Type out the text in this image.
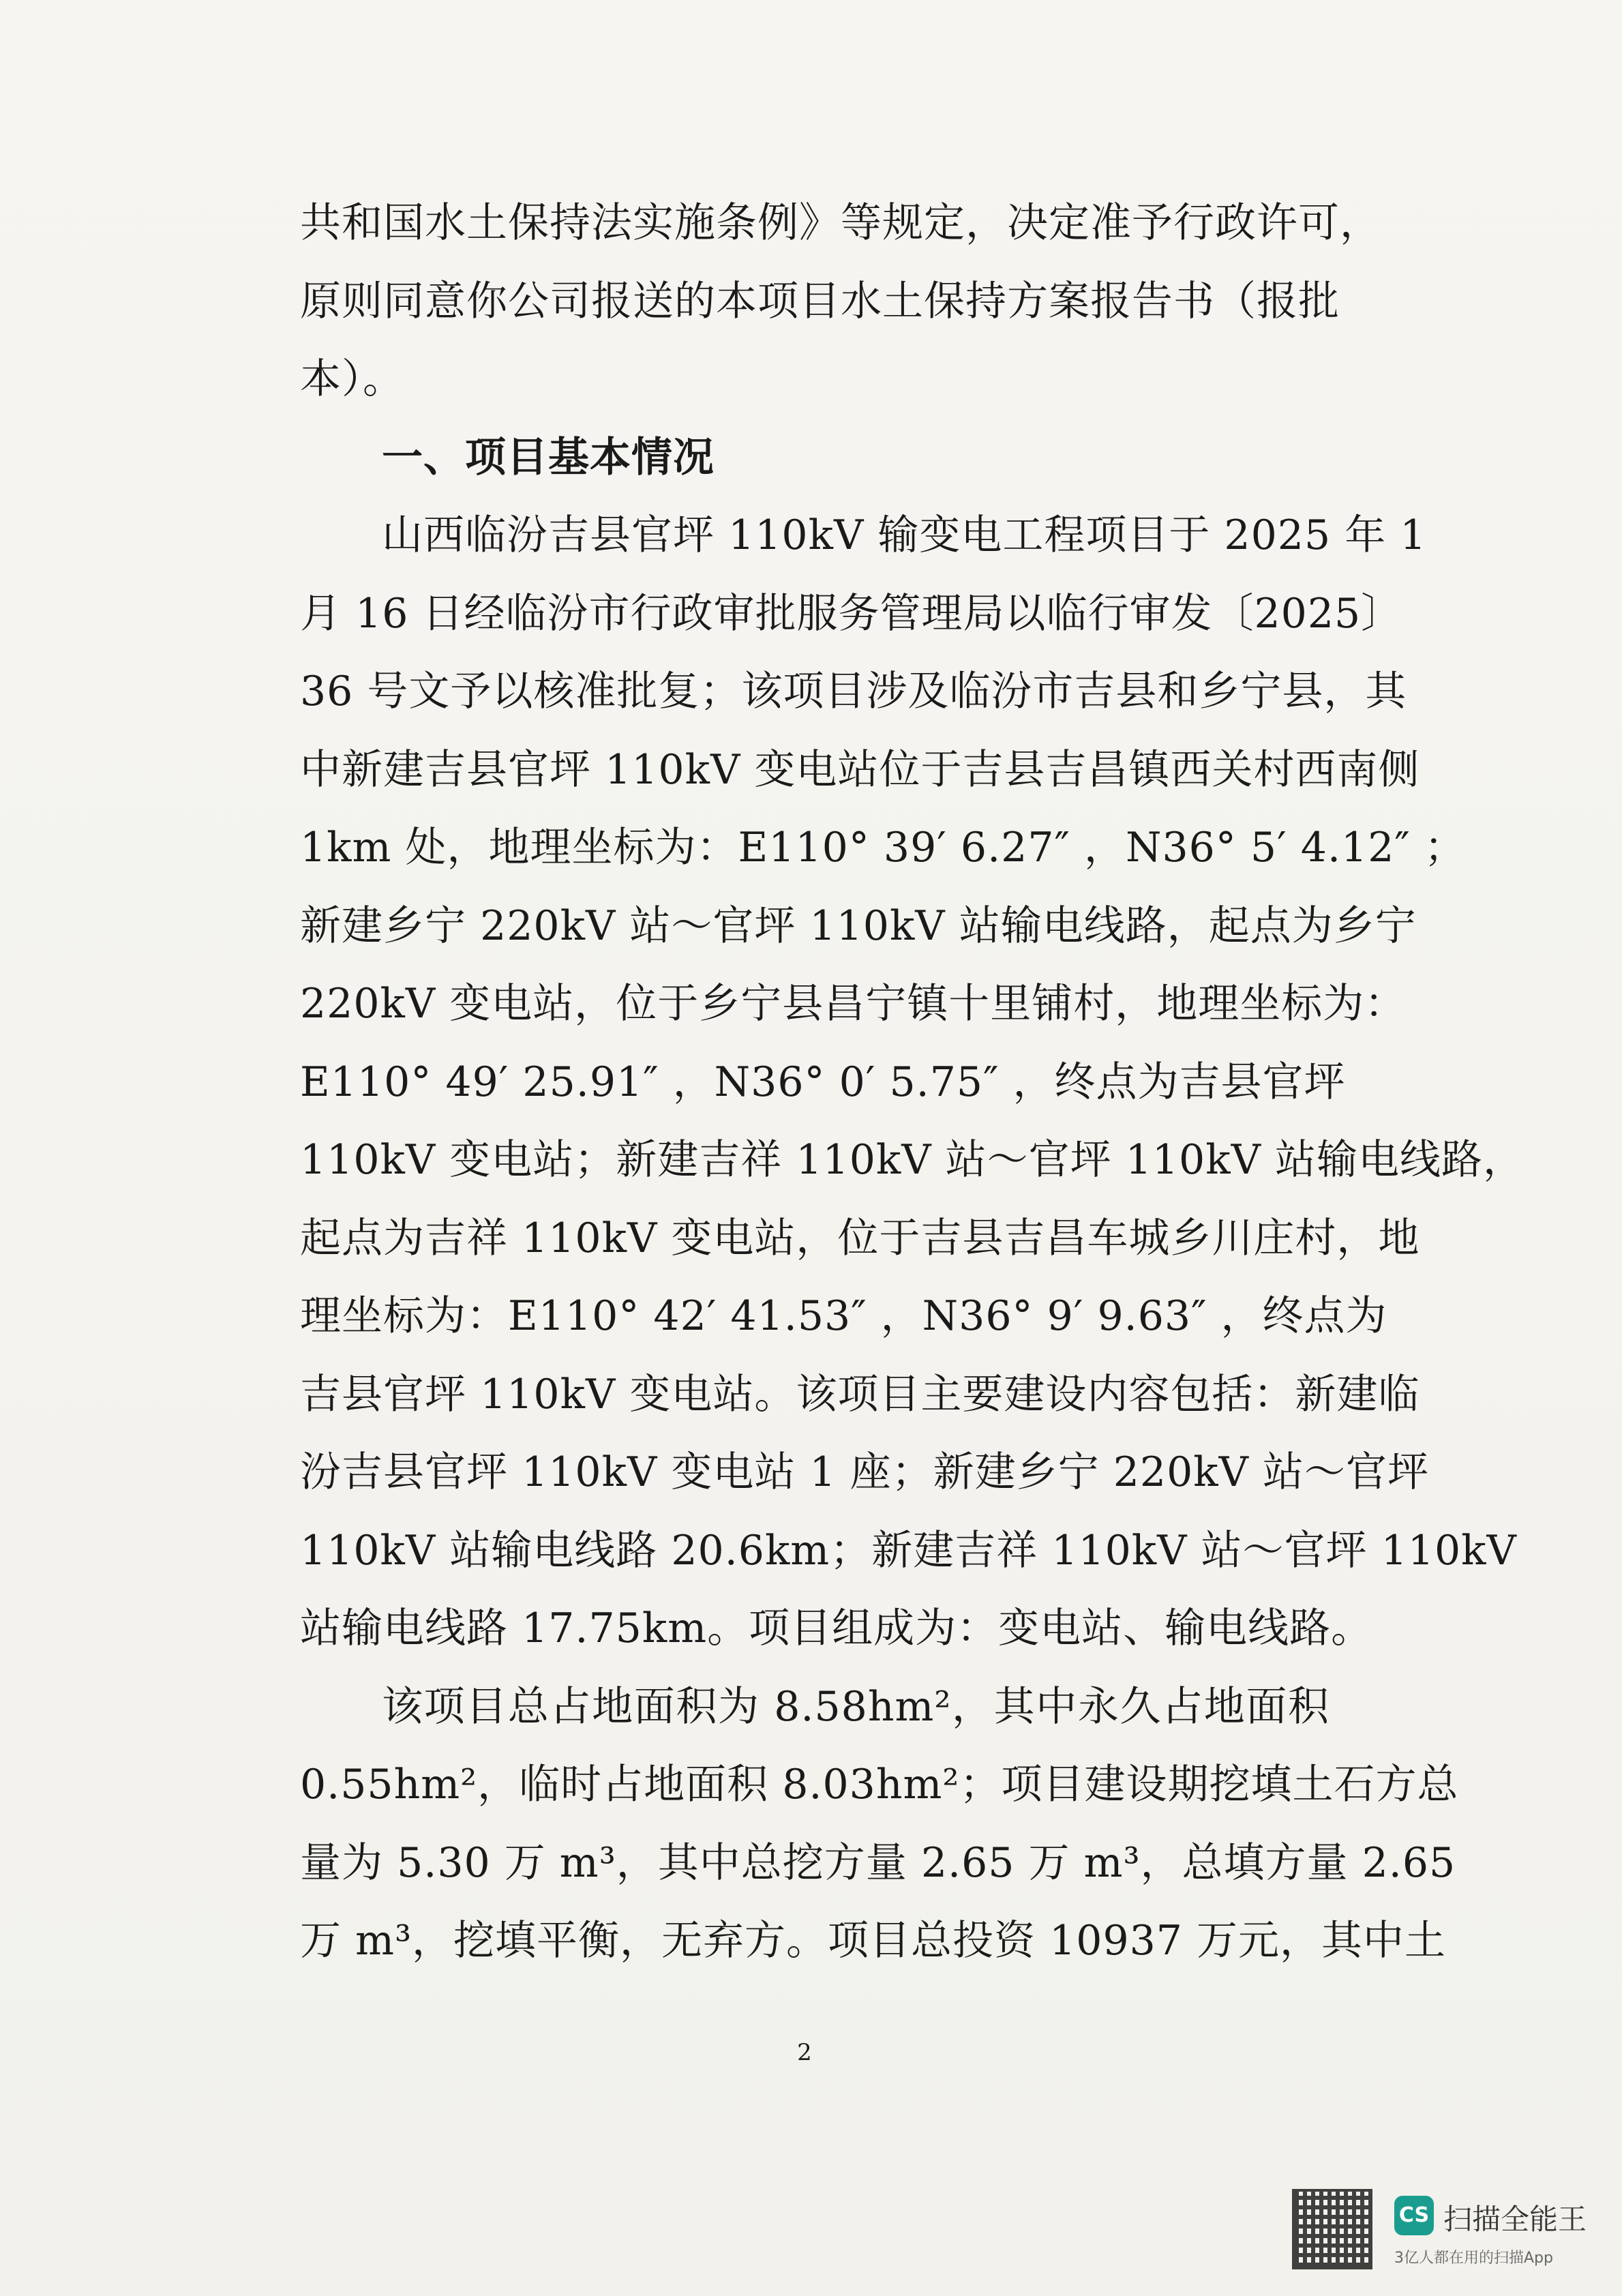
共和国水土保持法实施条例》等规定，决定准予行政许可，
原则同意你公司报送的本项目水土保持方案报告书（报批
本）。
一、项目基本情况
山西临汾吉县官坪 110kV 输变电工程项目于 2025 年 1
月 16 日经临汾市行政审批服务管理局以临行审发〔2025〕
36 号文予以核准批复；该项目涉及临汾市吉县和乡宁县，其
中新建吉县官坪 110kV 变电站位于吉县吉昌镇西关村西南侧
1km 处，地理坐标为：E110° 39′ 6.27″ ，N36° 5′ 4.12″ ；
新建乡宁 220kV 站～官坪 110kV 站输电线路，起点为乡宁
220kV 变电站，位于乡宁县昌宁镇十里铺村，地理坐标为：
E110° 49′ 25.91″ ，N36° 0′ 5.75″ ，终点为吉县官坪
110kV 变电站；新建吉祥 110kV 站～官坪 110kV 站输电线路，
起点为吉祥 110kV 变电站，位于吉县吉昌车城乡川庄村，地
理坐标为：E110° 42′ 41.53″ ，N36° 9′ 9.63″ ，终点为
吉县官坪 110kV 变电站。该项目主要建设内容包括：新建临
汾吉县官坪 110kV 变电站 1 座；新建乡宁 220kV 站～官坪
110kV 站输电线路 20.6km；新建吉祥 110kV 站～官坪 110kV
站输电线路 17.75km。项目组成为：变电站、输电线路。
该项目总占地面积为 8.58hm²，其中永久占地面积
0.55hm²，临时占地面积 8.03hm²；项目建设期挖填土石方总
量为 5.30 万 m³，其中总挖方量 2.65 万 m³，总填方量 2.65
万 m³，挖填平衡，无弃方。项目总投资 10937 万元，其中土
2
CS 扫描全能王
3亿人都在用的扫描App
